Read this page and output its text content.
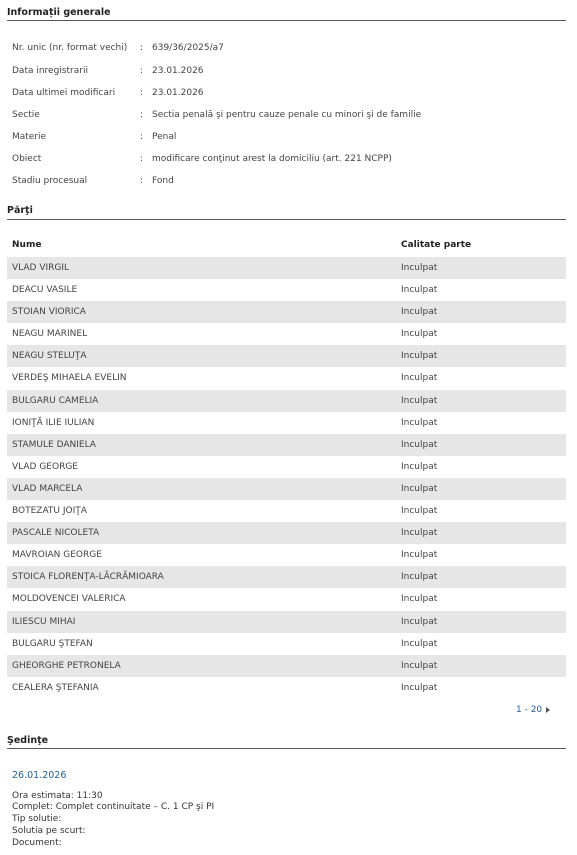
Informații generale
Nr. unic (nr. format vechi) : 639/36/2025/a7
Data inregistrarii	: 23.01.2026
Data ultimei modificari	: 23.01.2026
Sectie	: Sectia penală şi pentru cauze penale cu minori şi de familie
Materie	: Penal
Obiect	: modificare conţinut arest la domiciliu (art. 221 NCPP)
Stadiu procesual	: Fond
Părţi
Nume	Calitate parte
VLAD VIRGIL	Inculpat
DEACU VASILE	Inculpat
STOIAN VIORICA	Inculpat
NEAGU MARINEL	Inculpat
NEAGU STELUŢA	Inculpat
VERDEŞ MIHAELA EVELIN	Inculpat
BULGARU CAMELIA	Inculpat
IONIŢĂ ILIE IULIAN	Inculpat
STAMULE DANIELA	Inculpat
VLAD GEORGE	Inculpat
VLAD MARCELA	Inculpat
BOTEZATU JOIŢA	Inculpat
PASCALE NICOLETA	Inculpat
MAVROIAN GEORGE	Inculpat
STOICA FLORENŢA-LĂCRĂMIOARA	Inculpat
MOLDOVENCEI VALERICA	Inculpat
ILIESCU MIHAI	Inculpat
BULGARU ŞTEFAN	Inculpat
GHEORGHE PETRONELA	Inculpat
CEALERA ŞTEFANIA	Inculpat
1 - 20
Şedinţe
26.01.2026
Ora estimata: 11:30
Complet: Complet continuitate – C. 1 CP şi PI
Tip solutie:
Solutia pe scurt:
Document:
